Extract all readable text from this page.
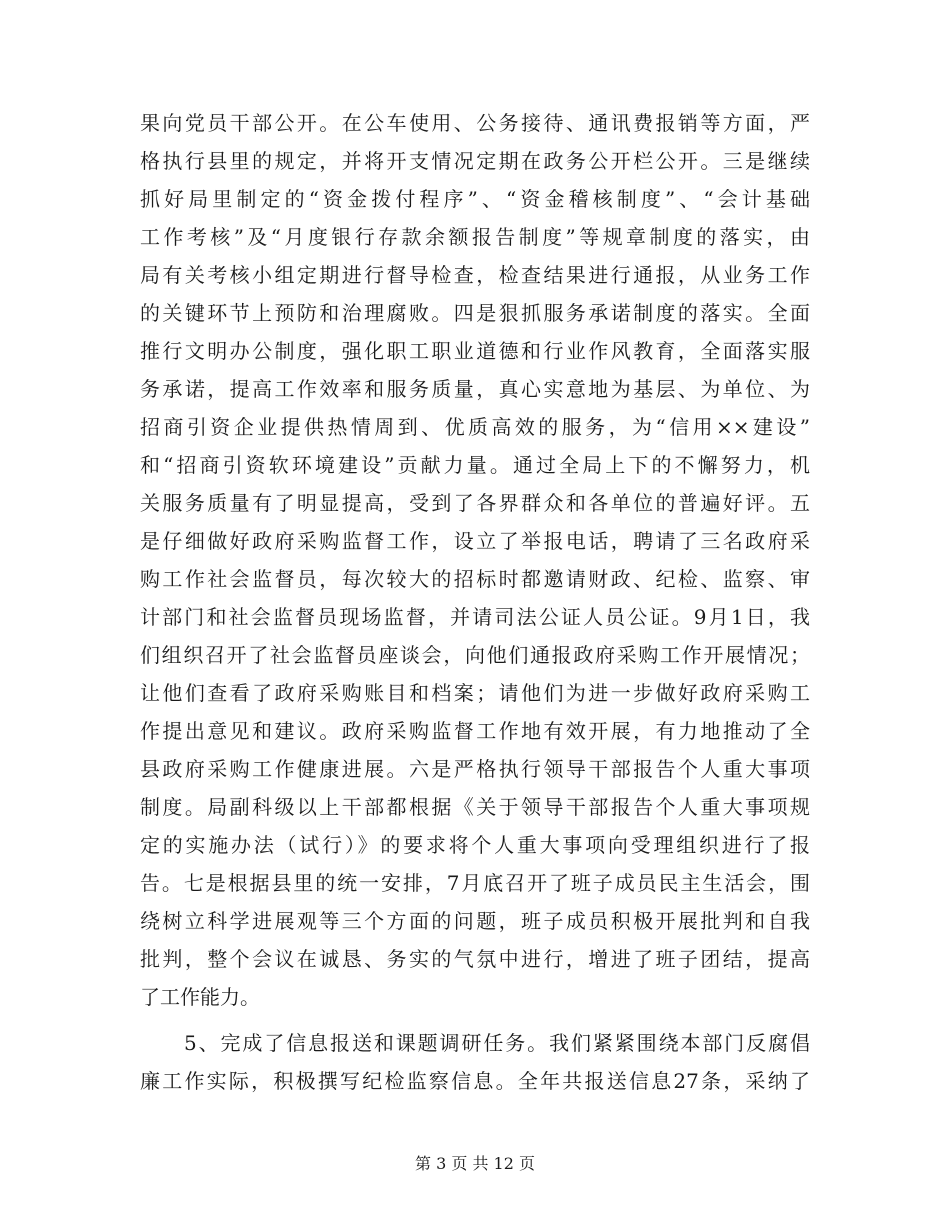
果向党员干部公开。在公车使用、公务接待、通讯费报销等方面，严
格执行县里的规定，并将开支情况定期在政务公开栏公开。三是继续
抓好局里制定的“资金拨付程序”、“资金稽核制度”、“会计基础
工作考核”及“月度银行存款余额报告制度”等规章制度的落实，由
局有关考核小组定期进行督导检查，检查结果进行通报，从业务工作
的关键环节上预防和治理腐败。四是狠抓服务承诺制度的落实。全面
推行文明办公制度，强化职工职业道德和行业作风教育，全面落实服
务承诺，提高工作效率和服务质量，真心实意地为基层、为单位、为
招商引资企业提供热情周到、优质高效的服务，为“信用××建设”
和“招商引资软环境建设”贡献力量。通过全局上下的不懈努力，机
关服务质量有了明显提高，受到了各界群众和各单位的普遍好评。五
是仔细做好政府采购监督工作，设立了举报电话，聘请了三名政府采
购工作社会监督员，每次较大的招标时都邀请财政、纪检、监察、审
计部门和社会监督员现场监督，并请司法公证人员公证。9月1日，我
们组织召开了社会监督员座谈会，向他们通报政府采购工作开展情况；
让他们查看了政府采购账目和档案；请他们为进一步做好政府采购工
作提出意见和建议。政府采购监督工作地有效开展，有力地推动了全
县政府采购工作健康进展。六是严格执行领导干部报告个人重大事项
制度。局副科级以上干部都根据《关于领导干部报告个人重大事项规
定的实施办法（试行）》的要求将个人重大事项向受理组织进行了报
告。七是根据县里的统一安排，7月底召开了班子成员民主生活会，围
绕树立科学进展观等三个方面的问题，班子成员积极开展批判和自我
批判，整个会议在诚恳、务实的气氛中进行，增进了班子团结，提高
了工作能力。
5、完成了信息报送和课题调研任务。我们紧紧围绕本部门反腐倡
廉工作实际，积极撰写纪检监察信息。全年共报送信息27条，采纳了
第 3 页 共 12 页
